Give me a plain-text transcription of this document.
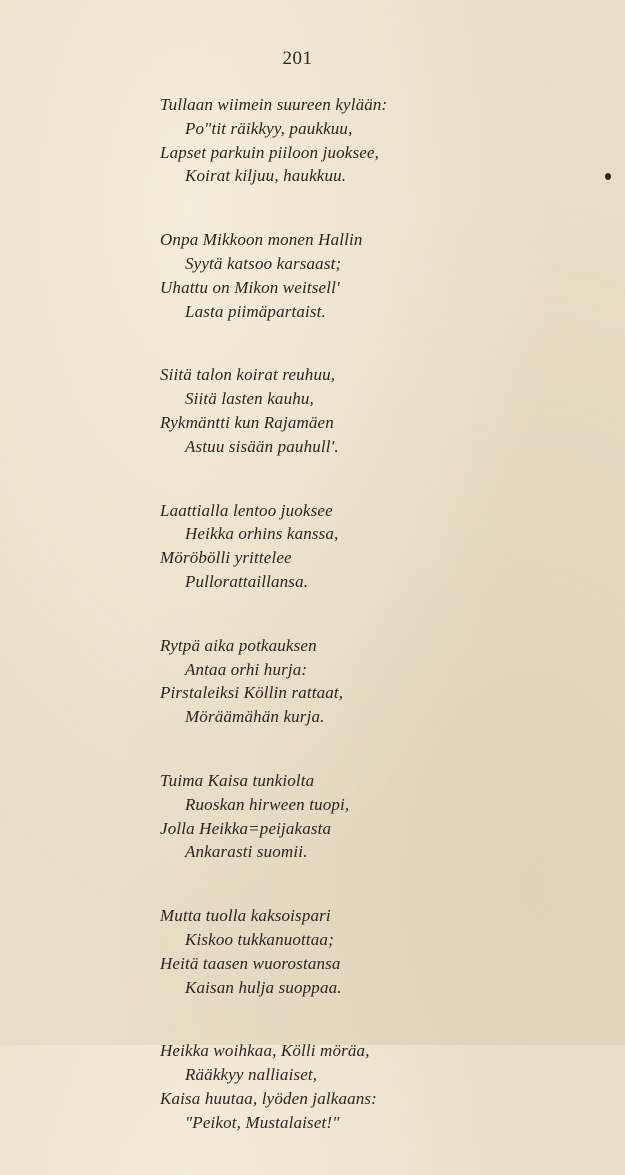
201
Tullaan wiimein suureen kylään:
Po"tit räikkyy, paukkuu,
Lapset parkuin piiloon juoksee,
Koirat kiljuu, haukkuu.
Onpa Mikkoon monen Hallin
Syytä katsoo karsaast;
Uhattu on Mikon weitsell'
Lasta piimäpartaist.
Siitä talon koirat reuhuu,
Siitä lasten kauhu,
Rykmäntti kun Rajamäen
Astuu sisään pauhull'.
Laattialla lentoo juoksee
Heikka orhins kanssa,
Möröbölli yrittelee
Pullorattaillansa.
Rytpä aika potkauksen
Antaa orhi hurja:
Pirstaleiksi Köllin rattaat,
Möräämähän kurja.
Tuima Kaisa tunkiolta
Ruoskan hirween tuopi,
Jolla Heikka=peijakasta
Ankarasti suomii.
Mutta tuolla kaksoispari
Kiskoo tukkanuottaa;
Heitä taasen wuorostansa
Kaisan hulja suoppaa.
Heikka woihkaa, Kölli möräa,
Rääkkyy nalliaiset,
Kaisa huutaa, lyöden jalkaans:
"Peikot, Mustalaiset!"
